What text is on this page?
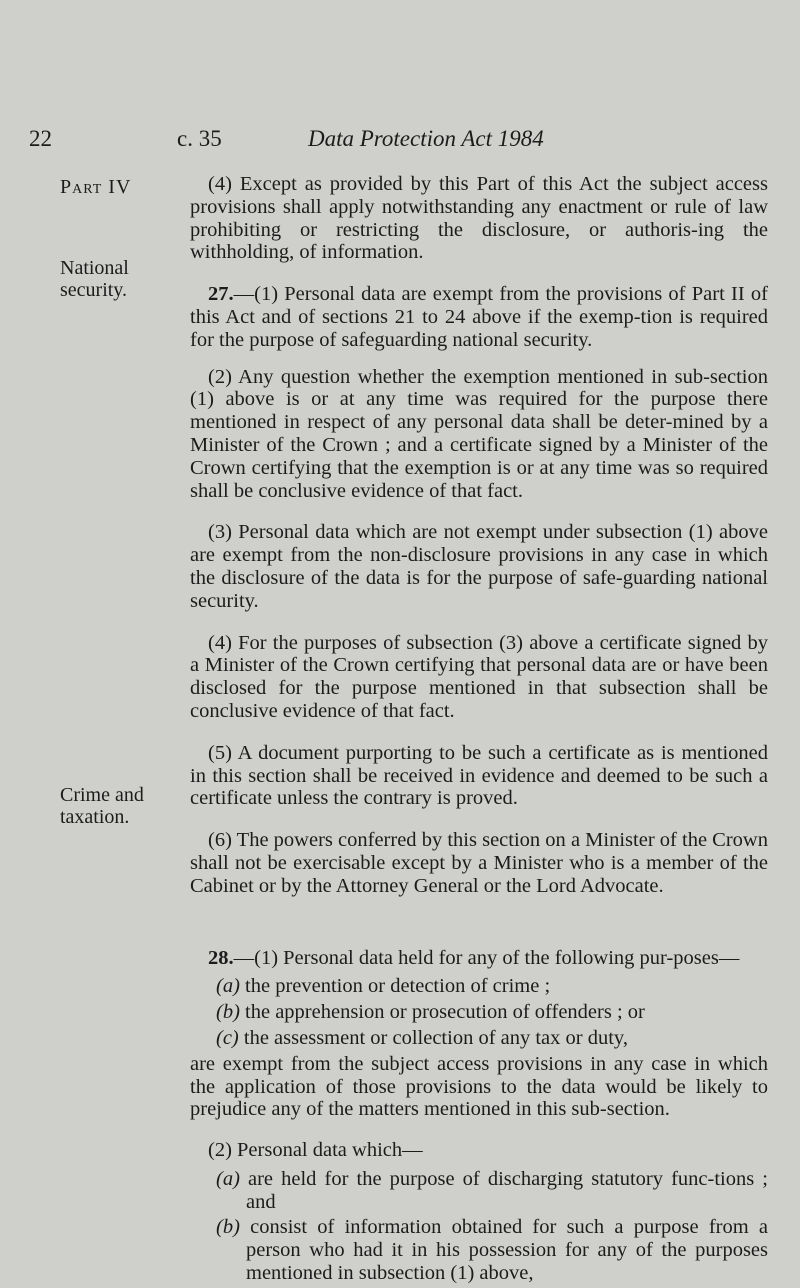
22	c. 35	Data Protection Act 1984
Part IV
National security.
Crime and taxation.

(4) Except as provided by this Part of this Act the subject access provisions shall apply notwithstanding any enactment or rule of law prohibiting or restricting the disclosure, or authoris-ing the withholding, of information.

27.—(1) Personal data are exempt from the provisions of Part II of this Act and of sections 21 to 24 above if the exemp-tion is required for the purpose of safeguarding national security.

(2) Any question whether the exemption mentioned in sub-section (1) above is or at any time was required for the purpose there mentioned in respect of any personal data shall be deter-mined by a Minister of the Crown ; and a certificate signed by a Minister of the Crown certifying that the exemption is or at any time was so required shall be conclusive evidence of that fact.

(3) Personal data which are not exempt under subsection (1) above are exempt from the non-disclosure provisions in any case in which the disclosure of the data is for the purpose of safe-guarding national security.

(4) For the purposes of subsection (3) above a certificate signed by a Minister of the Crown certifying that personal data are or have been disclosed for the purpose mentioned in that subsection shall be conclusive evidence of that fact.

(5) A document purporting to be such a certificate as is mentioned in this section shall be received in evidence and deemed to be such a certificate unless the contrary is proved.

(6) The powers conferred by this section on a Minister of the Crown shall not be exercisable except by a Minister who is a member of the Cabinet or by the Attorney General or the Lord Advocate.

28.—(1) Personal data held for any of the following pur-poses—

(a) the prevention or detection of crime ;

(b) the apprehension or prosecution of offenders ; or

(c) the assessment or collection of any tax or duty,

are exempt from the subject access provisions in any case in which the application of those provisions to the data would be likely to prejudice any of the matters mentioned in this sub-section.

(2) Personal data which—

(a) are held for the purpose of discharging statutory func-tions ; and

(b) consist of information obtained for such a purpose from a person who had it in his possession for any of the purposes mentioned in subsection (1) above,
